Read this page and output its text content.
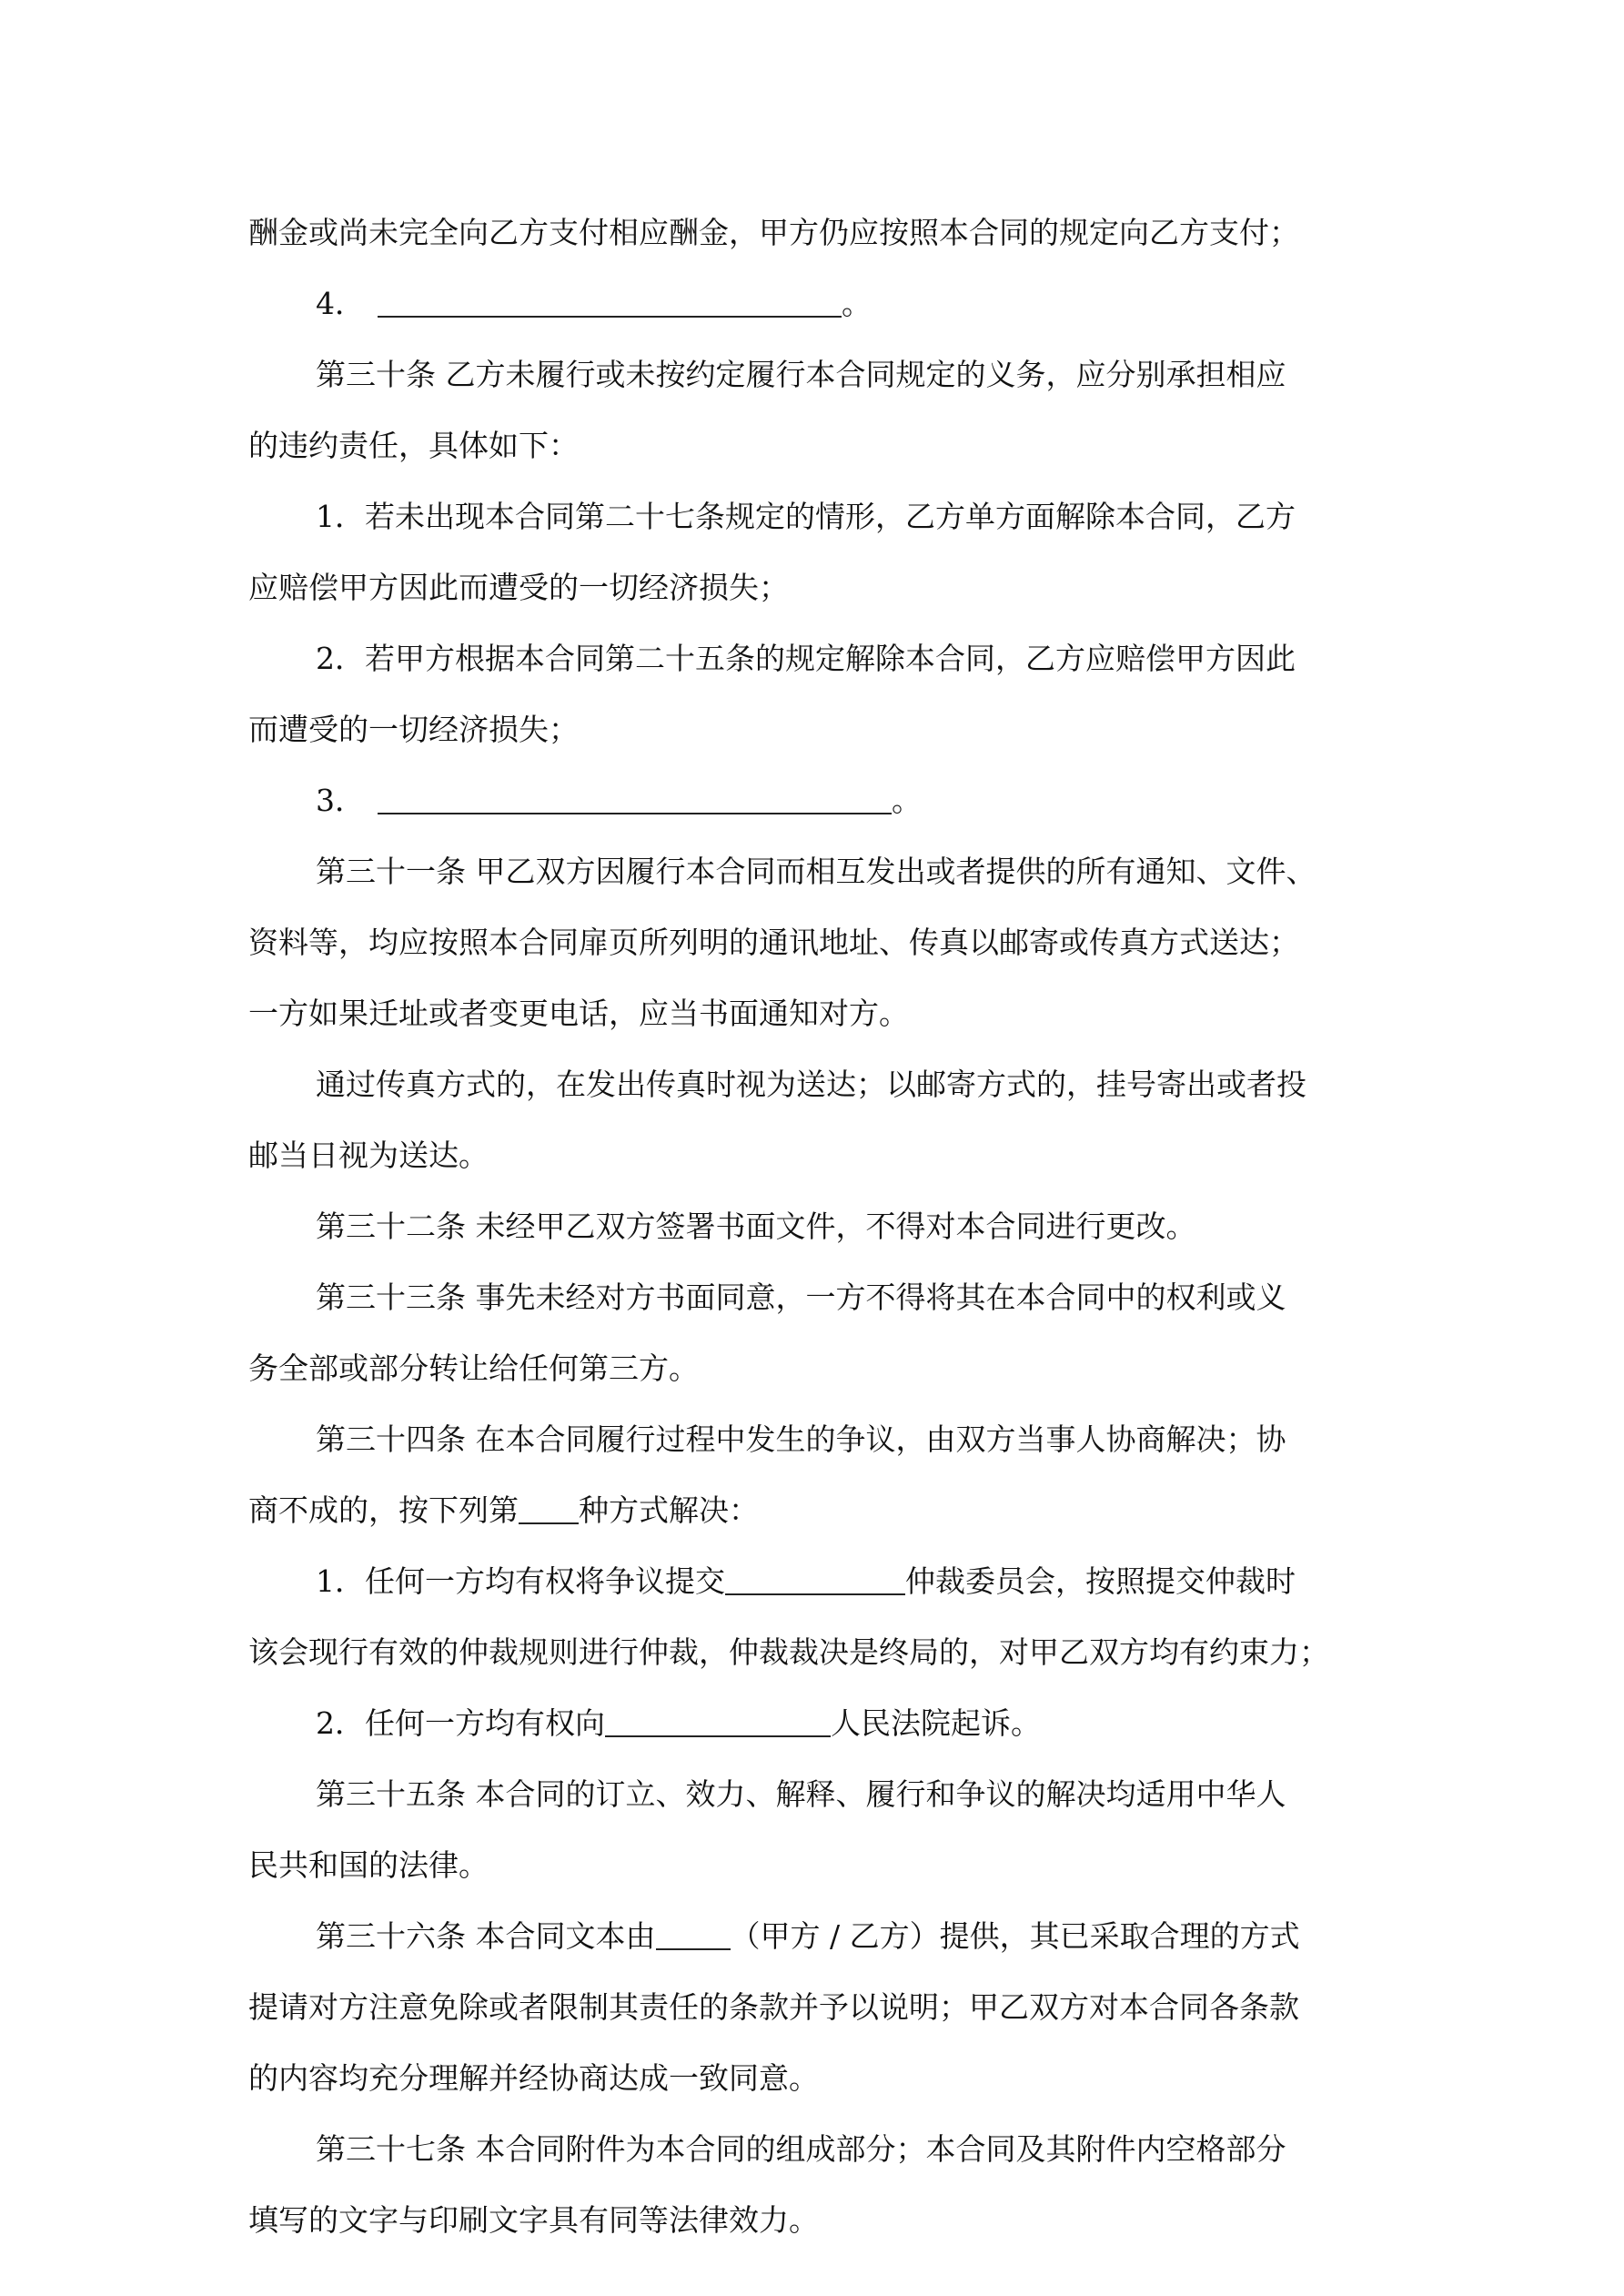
酬金或尚未完全向乙方支付相应酬金，甲方仍应按照本合同的规定向乙方支付；
4．	。
第三十条 乙方未履行或未按约定履行本合同规定的义务，应分别承担相应
的违约责任，具体如下：
1．若未出现本合同第二十七条规定的情形，乙方单方面解除本合同，乙方
应赔偿甲方因此而遭受的一切经济损失；
2．若甲方根据本合同第二十五条的规定解除本合同，乙方应赔偿甲方因此
而遭受的一切经济损失；
3．	。
第三十一条 甲乙双方因履行本合同而相互发出或者提供的所有通知、文件、
资料等，均应按照本合同扉页所列明的通讯地址、传真以邮寄或传真方式送达；
一方如果迁址或者变更电话，应当书面通知对方。
通过传真方式的，在发出传真时视为送达；以邮寄方式的，挂号寄出或者投
邮当日视为送达。
第三十二条 未经甲乙双方签署书面文件，不得对本合同进行更改。
第三十三条 事先未经对方书面同意，一方不得将其在本合同中的权利或义
务全部或部分转让给任何第三方。
第三十四条 在本合同履行过程中发生的争议，由双方当事人协商解决；协
商不成的，按下列第 种方式解决：
1．任何一方均有权将争议提交	仲裁委员会，按照提交仲裁时
该会现行有效的仲裁规则进行仲裁，仲裁裁决是终局的，对甲乙双方均有约束力；
2．任何一方均有权向	人民法院起诉。
第三十五条 本合同的订立、效力、解释、履行和争议的解决均适用中华人
民共和国的法律。
第三十六条 本合同文本由 （甲方 / 乙方）提供，其已采取合理的方式
提请对方注意免除或者限制其责任的条款并予以说明；甲乙双方对本合同各条款
的内容均充分理解并经协商达成一致同意。
第三十七条 本合同附件为本合同的组成部分；本合同及其附件内空格部分
填写的文字与印刷文字具有同等法律效力。
